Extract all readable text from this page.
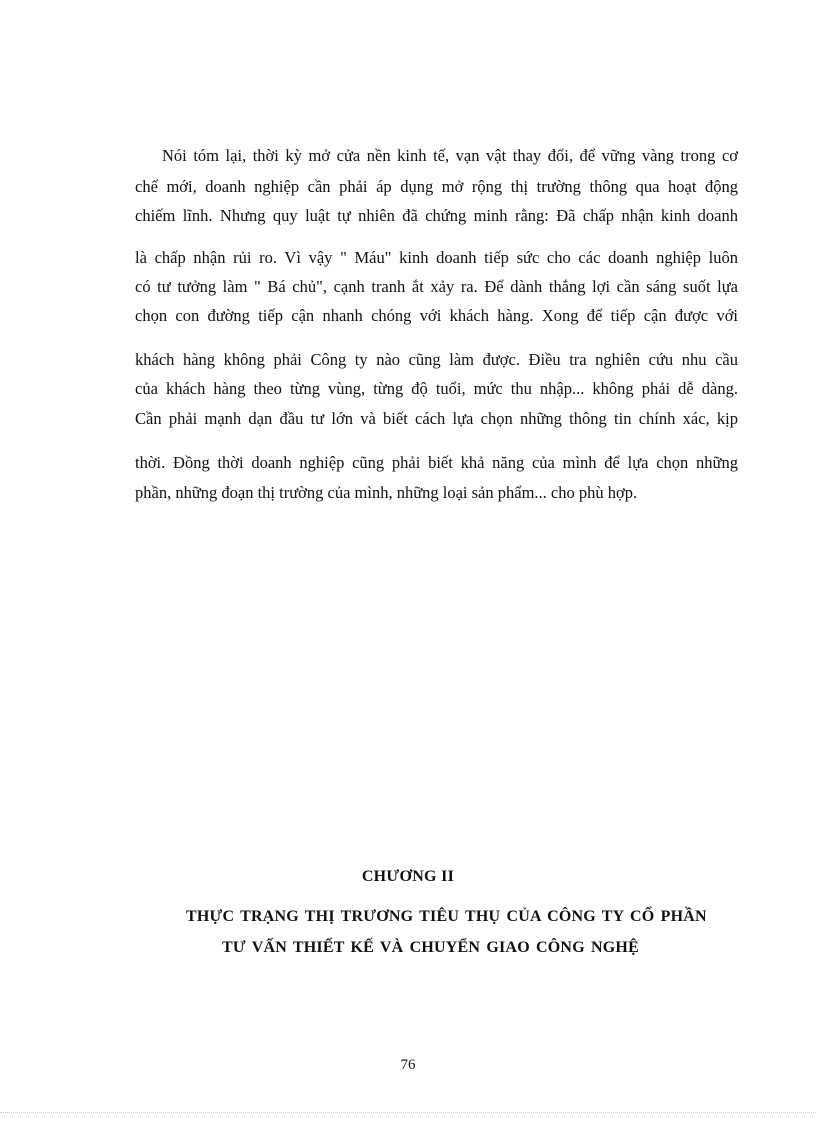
Nói tóm lại, thời kỳ mở cửa nền kinh tế, vạn vật thay đổi, để vững vàng trong cơ
chế mới, doanh nghiệp cần phải áp dụng mở rộng thị trường thông qua hoạt động
chiếm lĩnh. Nhưng quy luật tự nhiên đã chứng minh rằng: Đã chấp nhận kinh doanh
là chấp nhận rủi ro. Vì vậy " Máu" kinh doanh tiếp sức cho các doanh nghiệp luôn
có tư tưởng làm " Bá chủ", cạnh tranh ắt xảy ra. Để dành thắng lợi cần sáng suốt lựa
chọn con đường tiếp cận nhanh chóng với khách hàng. Xong để tiếp cận được với
khách hàng không phải Công ty nào cũng làm được. Điều tra nghiên cứu nhu cầu
của khách hàng theo từng vùng, từng độ tuổi, mức thu nhập... không phải dễ dàng.
Cần phải mạnh dạn đầu tư lớn và biết cách lựa chọn những thông tin chính xác, kịp
thời. Đồng thời doanh nghiệp cũng phải biết khả năng của mình để lựa chọn những
phần, những đoạn thị trường của mình, những loại sản phẩm... cho phù hợp.
CHƯƠNG II
THỰC TRẠNG THỊ TRƯƠNG TIÊU THỤ CỦA CÔNG TY CỔ PHẦN
TƯ VẤN THIẾT KẾ VÀ CHUYỂN GIAO CÔNG NGHỆ
76
